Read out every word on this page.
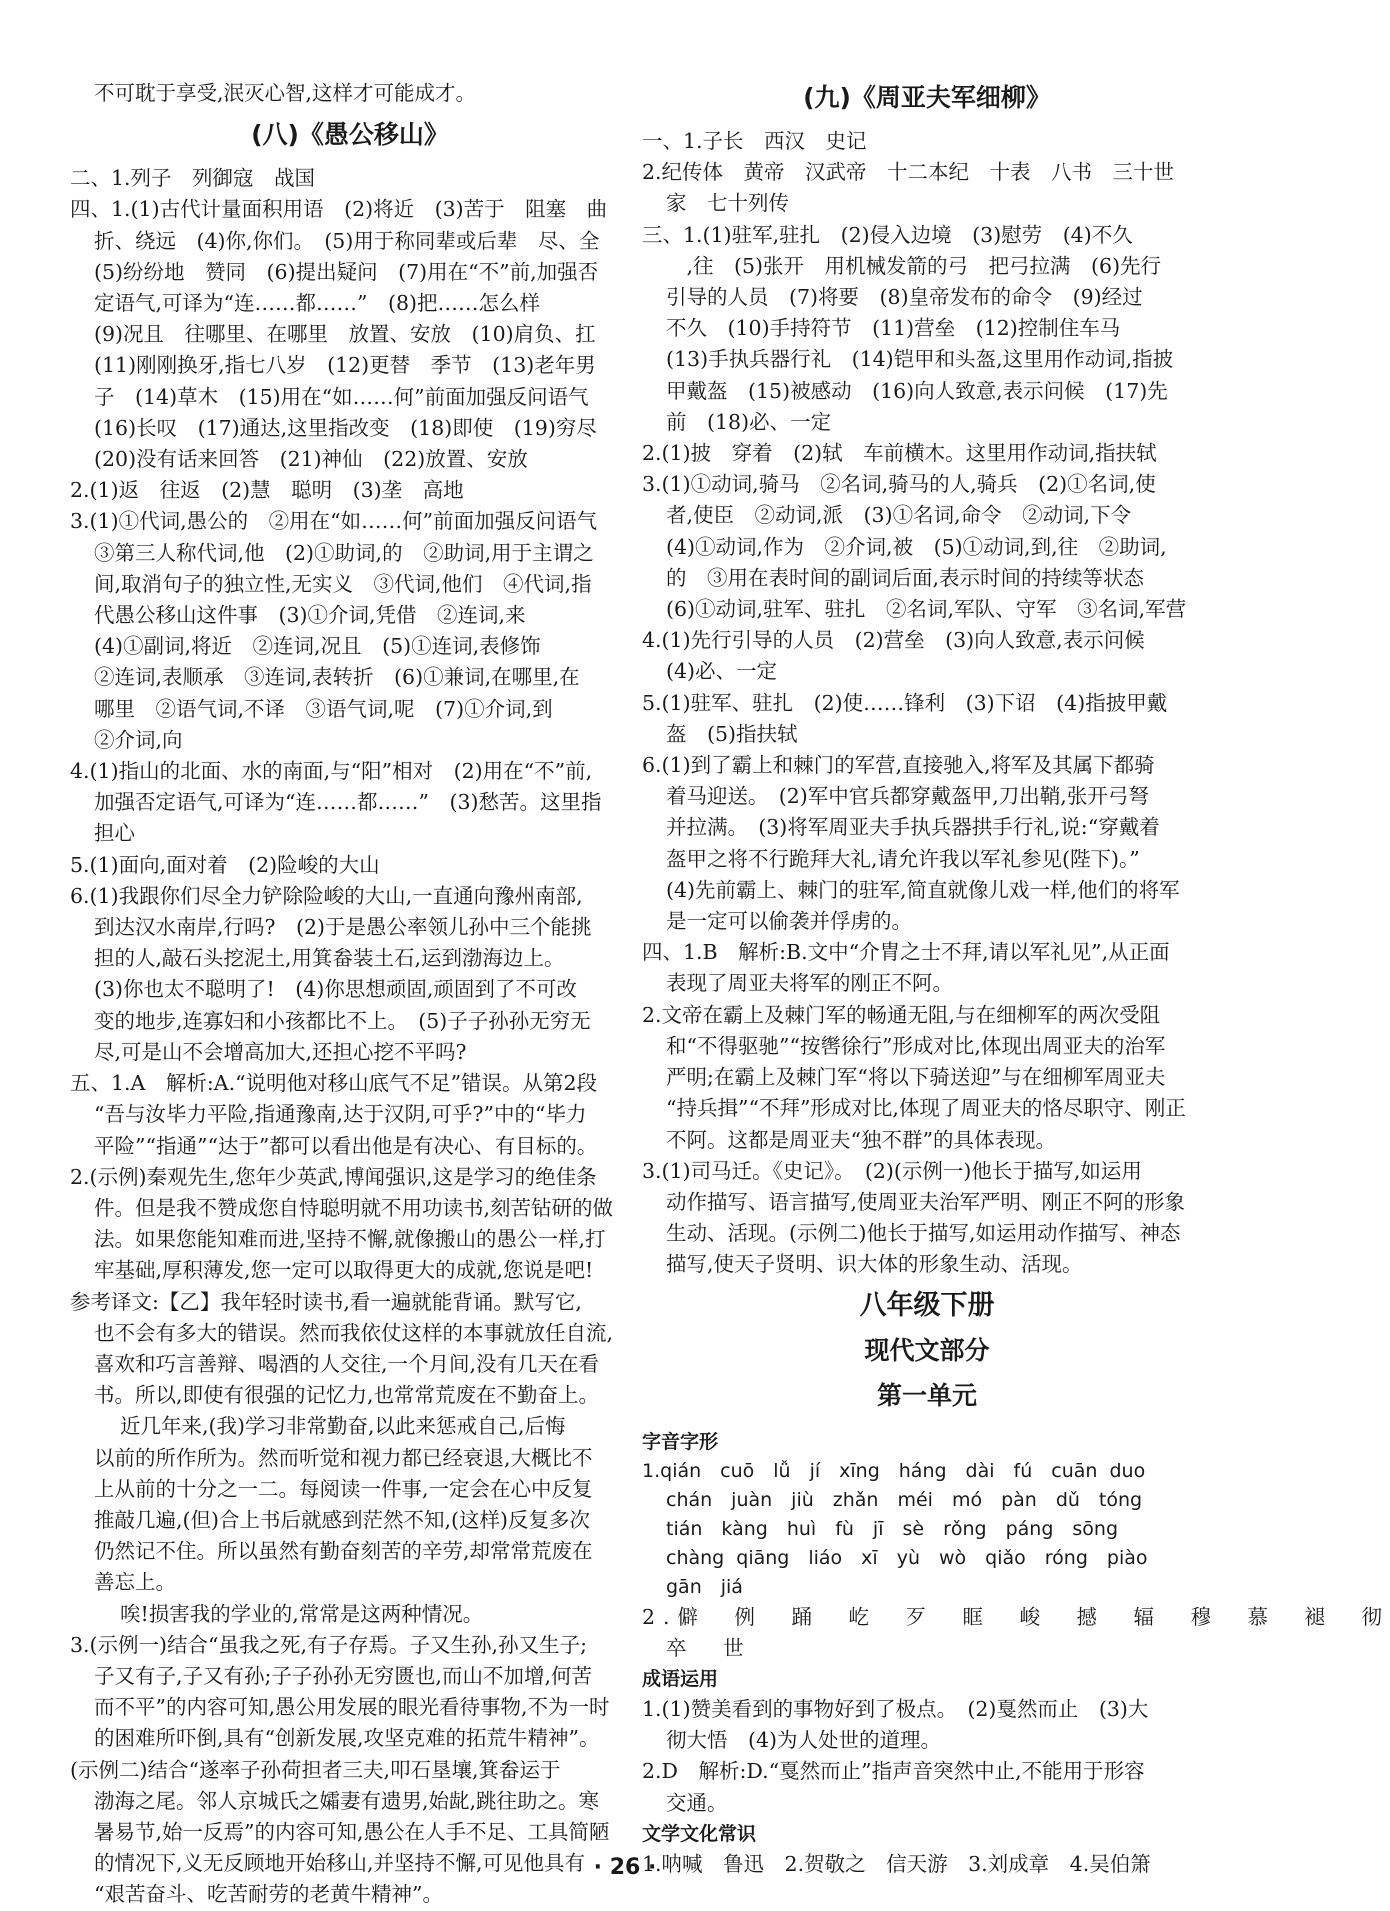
不可耽于享受,泯灭心智,这样才可能成才。
(八)《愚公移山》
二、1.列子　列御寇　战国
四、1.(1)古代计量面积用语　(2)将近　(3)苦于　阻塞　曲
折、绕远　(4)你,你们。　(5)用于称同辈或后辈　尽、全
(5)纷纷地　赞同　(6)提出疑问　(7)用在“不”前,加强否
定语气,可译为“连……都……”　(8)把……怎么样
(9)况且　往哪里、在哪里　放置、安放　(10)肩负、扛
(11)刚刚换牙,指七八岁　(12)更替　季节　(13)老年男
子　(14)草木　(15)用在“如……何”前面加强反问语气
(16)长叹　(17)通达,这里指改变　(18)即使　(19)穷尽
(20)没有话来回答　(21)神仙　(22)放置、安放
2.(1)返　往返　(2)慧　聪明　(3)垄　高地
3.(1)①代词,愚公的　②用在“如……何”前面加强反问语气
③第三人称代词,他　(2)①助词,的　②助词,用于主谓之
间,取消句子的独立性,无实义　③代词,他们　④代词,指
代愚公移山这件事　(3)①介词,凭借　②连词,来
(4)①副词,将近　②连词,况且　(5)①连词,表修饰
②连词,表顺承　③连词,表转折　(6)①兼词,在哪里,在
哪里　②语气词,不译　③语气词,呢　(7)①介词,到
②介词,向
4.(1)指山的北面、水的南面,与“阳”相对　(2)用在“不”前,
加强否定语气,可译为“连……都……”　(3)愁苦。这里指
担心
5.(1)面向,面对着　(2)险峻的大山
6.(1)我跟你们尽全力铲除险峻的大山,一直通向豫州南部,
到达汉水南岸,行吗?　(2)于是愚公率领儿孙中三个能挑
担的人,敲石头挖泥土,用箕畚装土石,运到渤海边上。
(3)你也太不聪明了!　(4)你思想顽固,顽固到了不可改
变的地步,连寡妇和小孩都比不上。　(5)子子孙孙无穷无
尽,可是山不会增高加大,还担心挖不平吗?
五、1.A　解析:A.“说明他对移山底气不足”错误。从第2段
“吾与汝毕力平险,指通豫南,达于汉阴,可乎?”中的“毕力
平险”“指通”“达于”都可以看出他是有决心、有目标的。
2.(示例)秦观先生,您年少英武,博闻强识,这是学习的绝佳条
件。但是我不赞成您自恃聪明就不用功读书,刻苦钻研的做
法。如果您能知难而进,坚持不懈,就像搬山的愚公一样,打
牢基础,厚积薄发,您一定可以取得更大的成就,您说是吧!
参考译文:【乙】我年轻时读书,看一遍就能背诵。默写它,
也不会有多大的错误。然而我依仗这样的本事就放任自流,
喜欢和巧言善辩、喝酒的人交往,一个月间,没有几天在看
书。所以,即使有很强的记忆力,也常常荒废在不勤奋上。
近几年来,(我)学习非常勤奋,以此来惩戒自己,后悔
以前的所作所为。然而听觉和视力都已经衰退,大概比不
上从前的十分之一二。每阅读一件事,一定会在心中反复
推敲几遍,(但)合上书后就感到茫然不知,(这样)反复多次
仍然记不住。所以虽然有勤奋刻苦的辛劳,却常常荒废在
善忘上。
唉!损害我的学业的,常常是这两种情况。
3.(示例一)结合“虽我之死,有子存焉。子又生孙,孙又生子;
子又有子,子又有孙;子子孙孙无穷匮也,而山不加增,何苦
而不平”的内容可知,愚公用发展的眼光看待事物,不为一时
的困难所吓倒,具有“创新发展,攻坚克难的拓荒牛精神”。
(示例二)结合“遂率子孙荷担者三夫,叩石垦壤,箕畚运于
渤海之尾。邻人京城氏之孀妻有遗男,始龀,跳往助之。寒
暑易节,始一反焉”的内容可知,愚公在人手不足、工具简陋
的情况下,义无反顾地开始移山,并坚持不懈,可见他具有
“艰苦奋斗、吃苦耐劳的老黄牛精神”。
(九)《周亚夫军细柳》
一、1.子长　西汉　史记
2.纪传体　黄帝　汉武帝　十二本纪　十表　八书　三十世
家　七十列传
三、1.(1)驻军,驻扎　(2)侵入边境　(3)慰劳　(4)不久
　,往　(5)张开　用机械发箭的弓　把弓拉满　(6)先行
引导的人员　(7)将要　(8)皇帝发布的命令　(9)经过
不久　(10)手持符节　(11)营垒　(12)控制住车马
(13)手执兵器行礼　(14)铠甲和头盔,这里用作动词,指披
甲戴盔　(15)被感动　(16)向人致意,表示问候　(17)先
前　(18)必、一定
2.(1)披　穿着　(2)轼　车前横木。这里用作动词,指扶轼
3.(1)①动词,骑马　②名词,骑马的人,骑兵　(2)①名词,使
者,使臣　②动词,派　(3)①名词,命令　②动词,下令
(4)①动词,作为　②介词,被　(5)①动词,到,往　②助词,
的　③用在表时间的副词后面,表示时间的持续等状态
(6)①动词,驻军、驻扎　②名词,军队、守军　③名词,军营
4.(1)先行引导的人员　(2)营垒　(3)向人致意,表示问候
(4)必、一定
5.(1)驻军、驻扎　(2)使……锋利　(3)下诏　(4)指披甲戴
盔　(5)指扶轼
6.(1)到了霸上和棘门的军营,直接驰入,将军及其属下都骑
着马迎送。　(2)军中官兵都穿戴盔甲,刀出鞘,张开弓弩
并拉满。　(3)将军周亚夫手执兵器拱手行礼,说:“穿戴着
盔甲之将不行跪拜大礼,请允许我以军礼参见(陛下)。”
(4)先前霸上、棘门的驻军,简直就像儿戏一样,他们的将军
是一定可以偷袭并俘虏的。
四、1.B　解析:B.文中“介胄之士不拜,请以军礼见”,从正面
表现了周亚夫将军的刚正不阿。
2.文帝在霸上及棘门军的畅通无阻,与在细柳军的两次受阻
和“不得驱驰”“按辔徐行”形成对比,体现出周亚夫的治军
严明;在霸上及棘门军“将以下骑送迎”与在细柳军周亚夫
“持兵揖”“不拜”形成对比,体现了周亚夫的恪尽职守、刚正
不阿。这都是周亚夫“独不群”的具体表现。
3.(1)司马迁。《史记》。　(2)(示例一)他长于描写,如运用
动作描写、语言描写,使周亚夫治军严明、刚正不阿的形象
生动、活现。(示例二)他长于描写,如运用动作描写、神态
描写,使天子贤明、识大体的形象生动、活现。
八年级下册
现代文部分
第一单元
字音字形
1.qián　cuō　lǚ　jí　xīng　háng　dài　fú　cuān duo
chán　juàn　jiù　zhǎn　méi　mó　pàn　dǔ　tóng
tián　kàng　huì　fù　jī　sè　rǒng　páng　sōng
chàng qiāng　liáo　xī　yù　wò　qiǎo　róng　piào
gān　jiá
2.僻　例　踊　屹　歹　眶　峻　撼　辐　穆　慕　褪　彻
卒　世
成语运用
1.(1)赞美看到的事物好到了极点。　(2)戛然而止　(3)大
彻大悟　(4)为人处世的道理。
2.D　解析:D.“戛然而止”指声音突然中止,不能用于形容
交通。
文学文化常识
1.呐喊　鲁迅　2.贺敬之　信天游　3.刘成章　4.吴伯箫
· 26 ·
